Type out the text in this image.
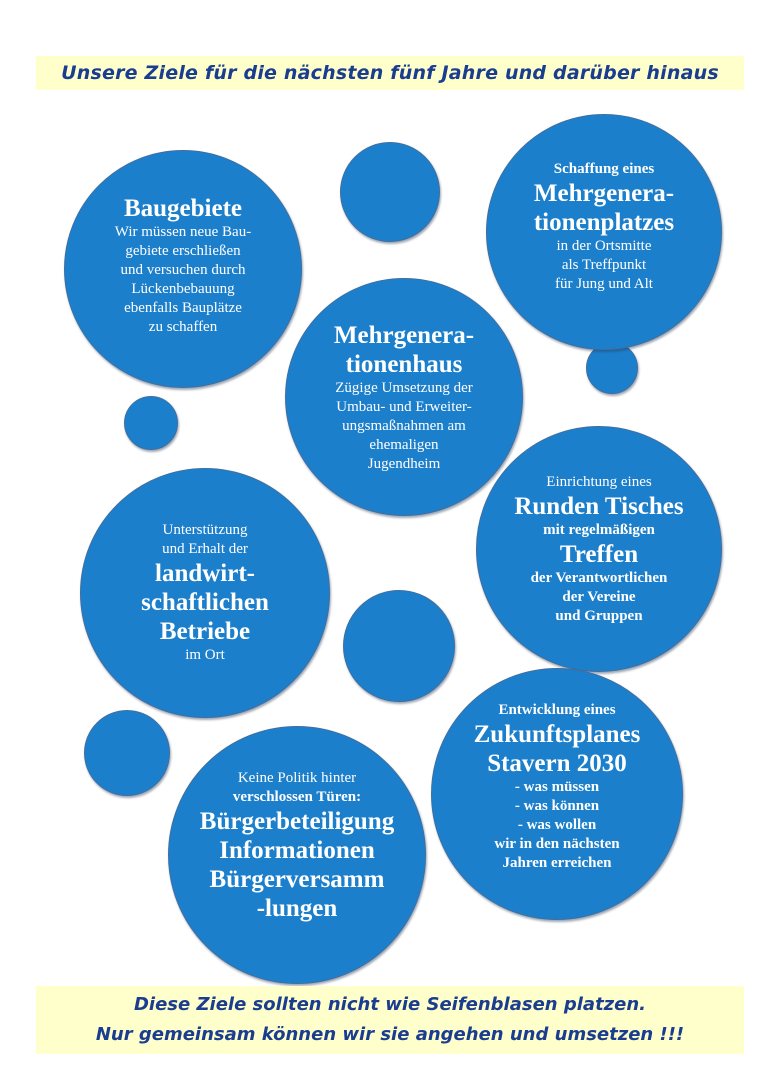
Unsere Ziele für die nächsten fünf Jahre und darüber hinaus
Baugebiete
Wir müssen neue Bau-
gebiete erschließen
und versuchen durch
Lückenbebauung
ebenfalls Bauplätze
zu schaffen
Schaffung eines
Mehrgenera-
tionenplatzes
in der Ortsmitte
als Treffpunkt
für Jung und Alt
Mehrgenera-
tionenhaus
Zügige Umsetzung der
Umbau- und Erweiter-
ungsmaßnahmen am
ehemaligen
Jugendheim
Unterstützung
und Erhalt der
landwirt-
schaftlichen
Betriebe
im Ort
Einrichtung eines
Runden Tisches
mit regelmäßigen
Treffen
der Verantwortlichen
der Vereine
und Gruppen
Entwicklung eines
Zukunftsplanes
Stavern 2030
- was müssen
- was können
- was wollen
wir in den nächsten
Jahren erreichen
Keine Politik hinter
verschlossen Türen:
Bürgerbeteiligung
Informationen
Bürgerversamm
-lungen
Diese Ziele sollten nicht wie Seifenblasen platzen.
Nur gemeinsam können wir sie angehen und umsetzen !!!
